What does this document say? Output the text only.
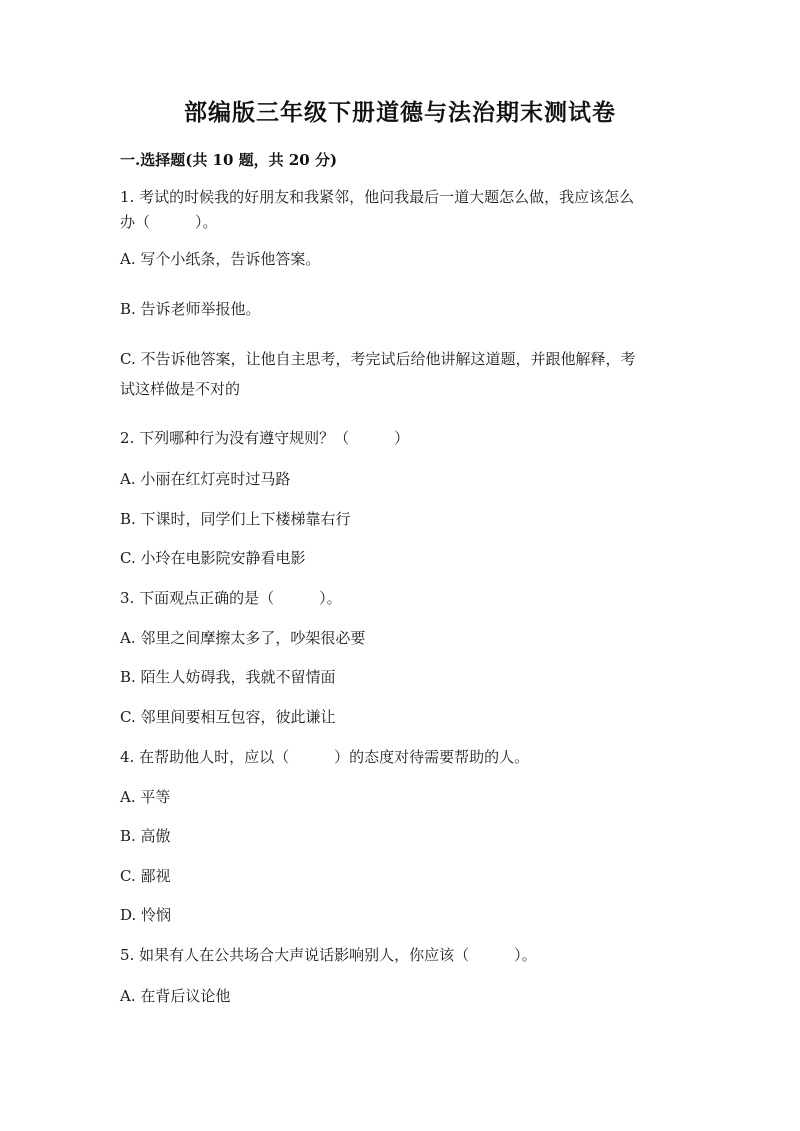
部编版三年级下册道德与法治期末测试卷
一.选择题(共 10 题，共 20 分)
1. 考试的时候我的好朋友和我紧邻，他问我最后一道大题怎么做，我应该怎么
办（　　　）。
A. 写个小纸条，告诉他答案。
B. 告诉老师举报他。
C. 不告诉他答案，让他自主思考，考完试后给他讲解这道题，并跟他解释，考
试这样做是不对的
2. 下列哪种行为没有遵守规则？（　　　）
A. 小丽在红灯亮时过马路
B. 下课时，同学们上下楼梯靠右行
C. 小玲在电影院安静看电影
3. 下面观点正确的是（　　　）。
A. 邻里之间摩擦太多了，吵架很必要
B. 陌生人妨碍我，我就不留情面
C. 邻里间要相互包容，彼此谦让
4. 在帮助他人时，应以（　　　）的态度对待需要帮助的人。
A. 平等
B. 高傲
C. 鄙视
D. 怜悯
5. 如果有人在公共场合大声说话影响别人，你应该（　　　）。
A. 在背后议论他
